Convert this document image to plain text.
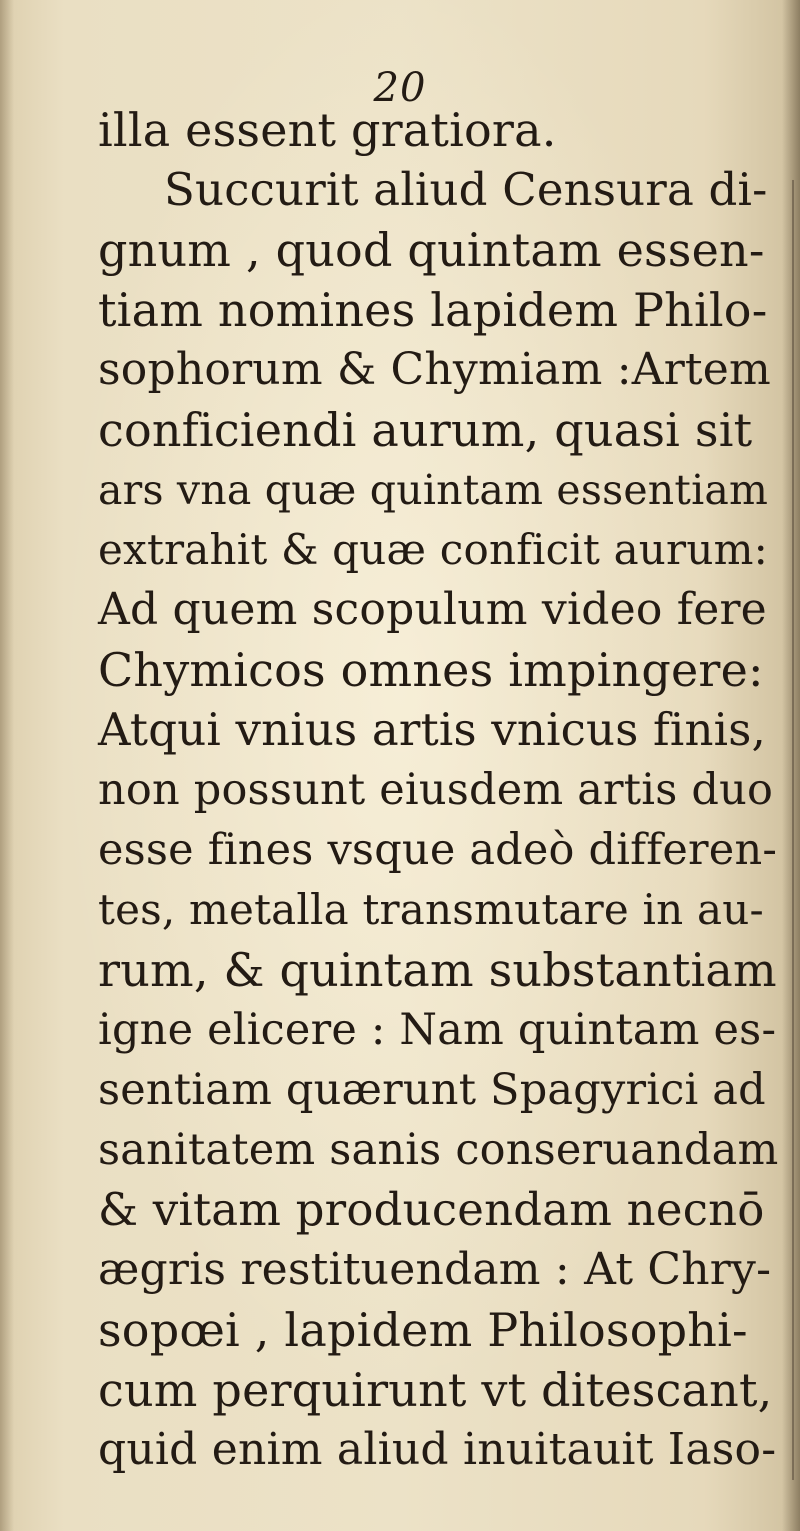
20
illa essent gratiora.
Succurit aliud Censura di-
gnum , quod quintam essen-
tiam nomines lapidem Philo-
sophorum & Chymiam :Artem
conficiendi aurum, quasi sit
ars vna quæ quintam essentiam
extrahit & quæ conficit aurum:
Ad quem scopulum video fere
Chymicos omnes impingere:
Atqui vnius artis vnicus finis,
non possunt eiusdem artis duo
esse fines vsque adeò differen-
tes, metalla transmutare in au-
rum, & quintam substantiam
igne elicere : Nam quintam es-
sentiam quærunt Spagyrici ad
sanitatem sanis conseruandam
& vitam producendam necnō
ægris restituendam : At Chry-
sopœi , lapidem Philosophi-
cum perquirunt vt ditescant,
quid enim aliud inuitauit Iaso-
